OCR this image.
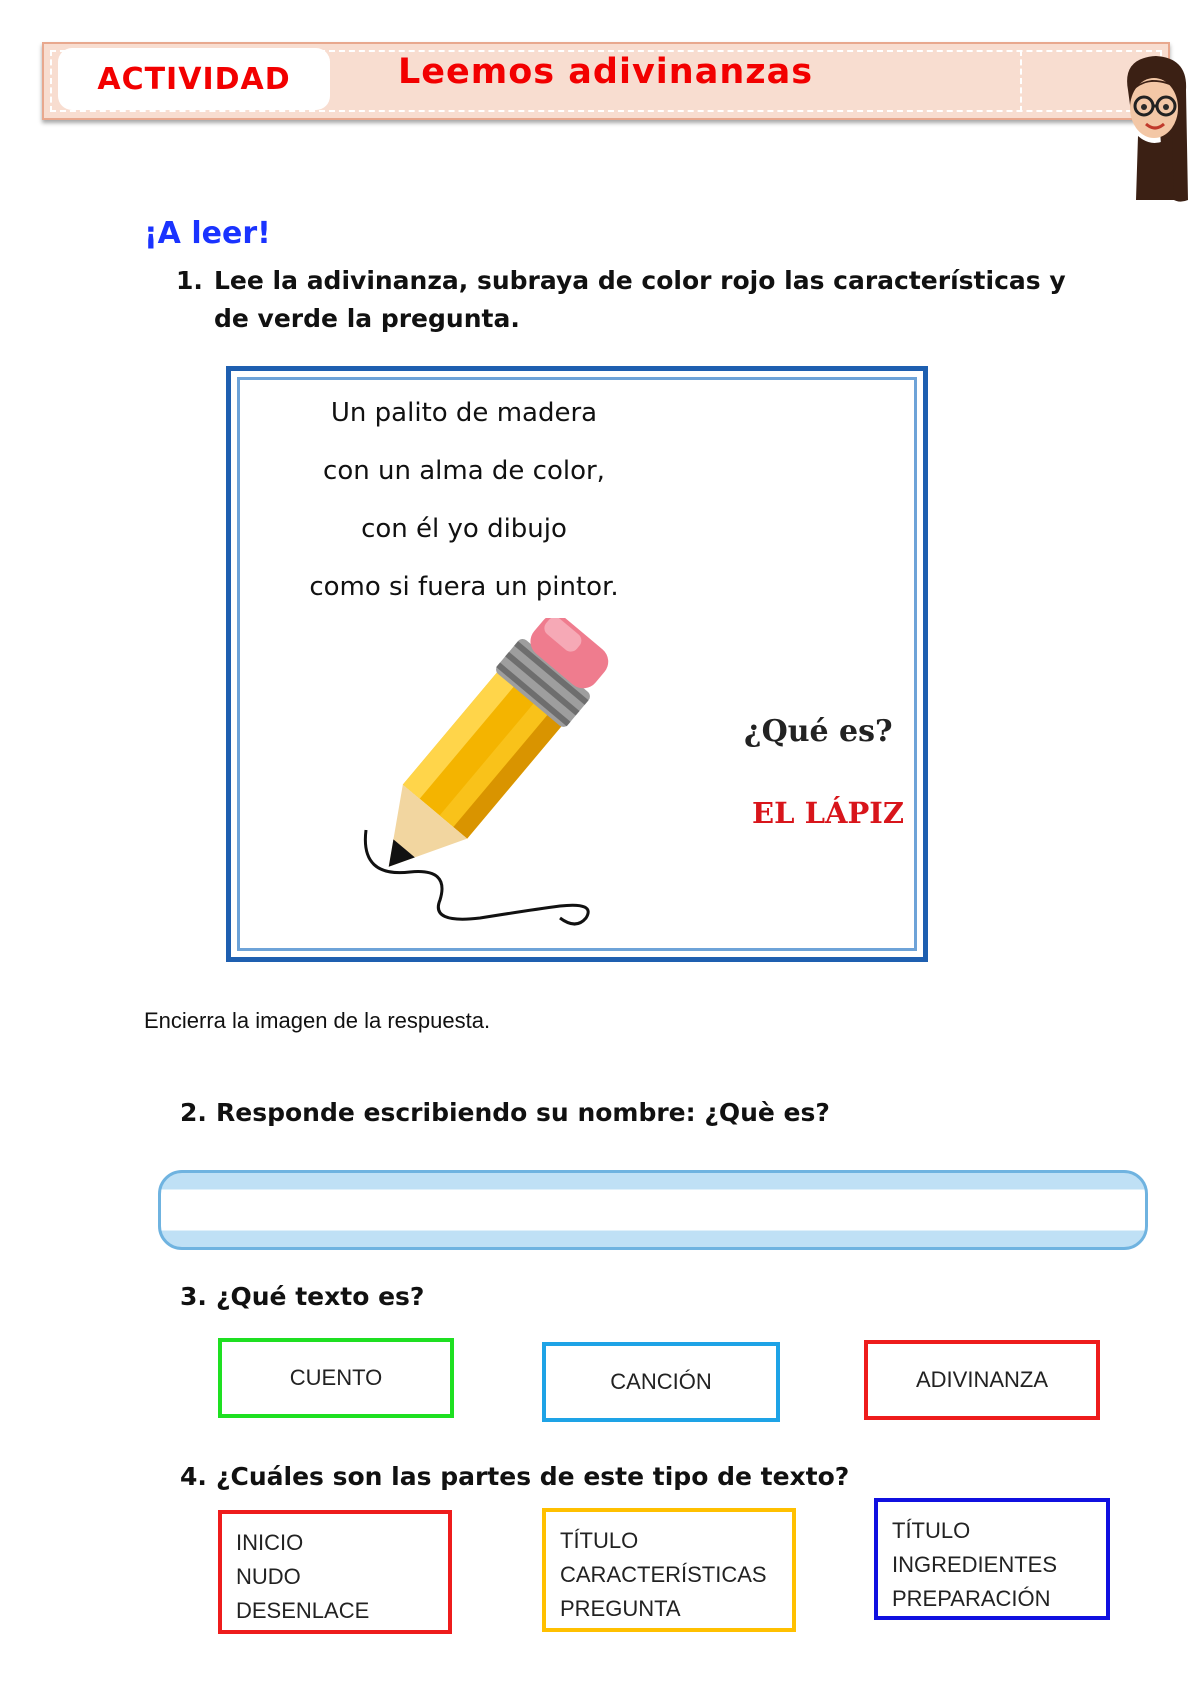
ACTIVIDAD	Leemos adivinanzas
¡A leer!
1. Lee la adivinanza, subraya de color rojo las características y
de verde la pregunta.
Un palito de madera
con un alma de color,
con él yo dibujo
como si fuera un pintor.
¿Qué es?
EL LÁPIZ
Encierra la imagen de la respuesta.
2. Responde escribiendo su nombre: ¿Què es?
3. ¿Qué texto es?
CUENTO	CANCIÓN	ADIVINANZA
4. ¿Cuáles son las partes de este tipo de texto?
INICIO
NUDO
DESENLACE
TÍTULO
CARACTERÍSTICAS
PREGUNTA
TÍTULO
INGREDIENTES
PREPARACIÓN
